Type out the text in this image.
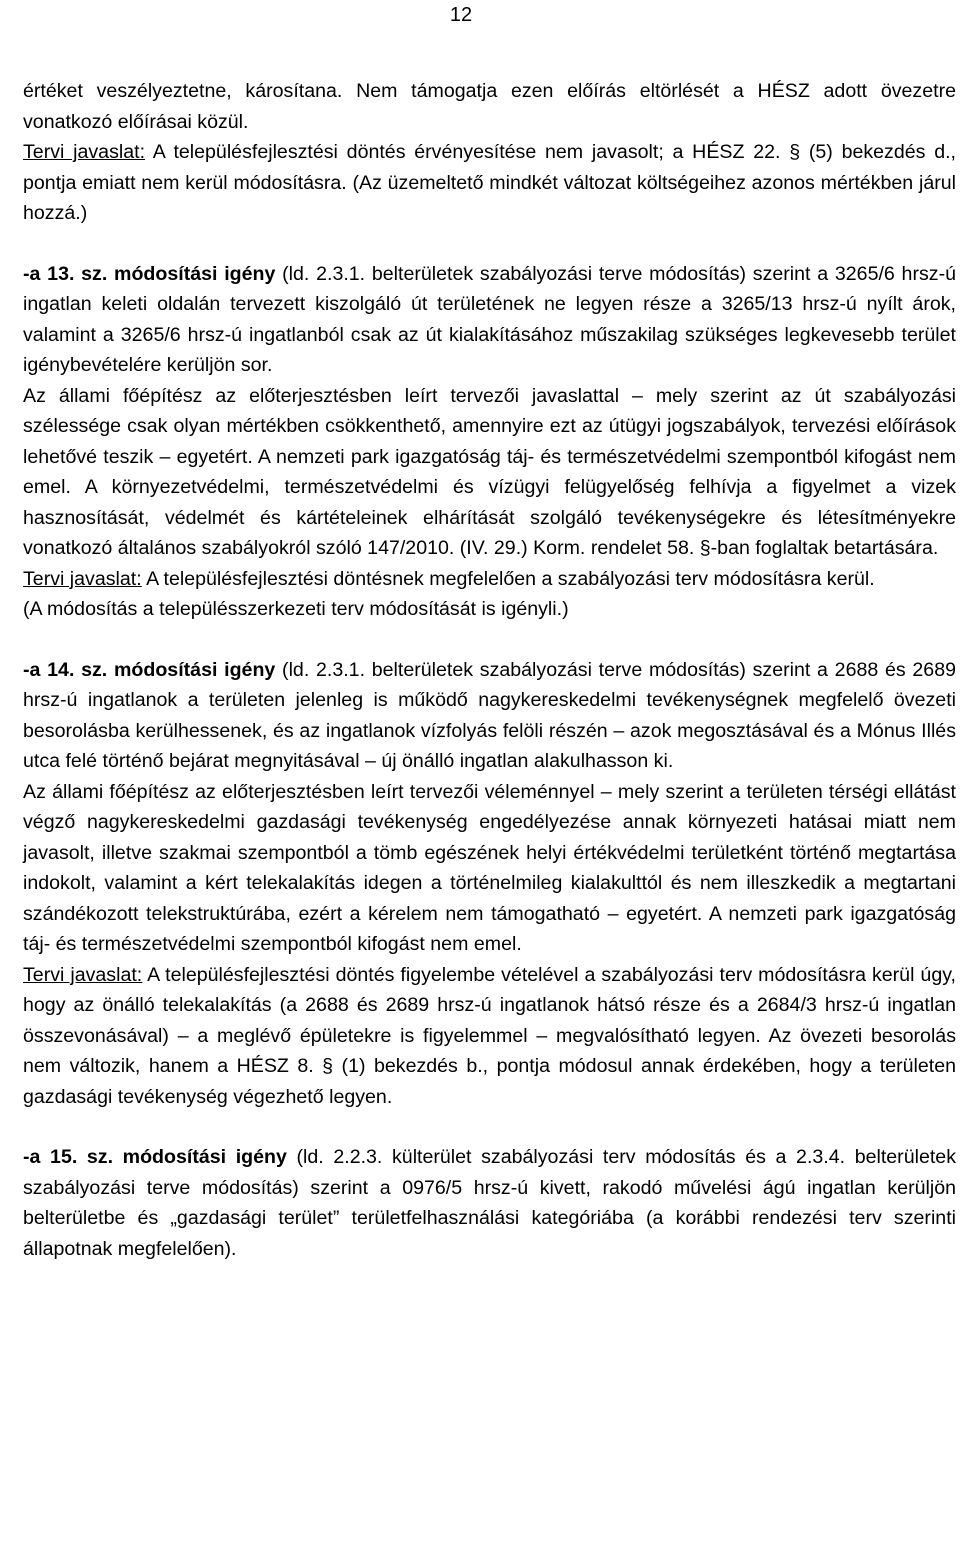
12

értéket veszélyeztetne, károsítana. Nem támogatja ezen előírás eltörlését a HÉSZ adott övezetre vonatkozó előírásai közül.

Tervi javaslat: A településfejlesztési döntés érvényesítése nem javasolt; a HÉSZ 22. § (5) bekezdés d., pontja emiatt nem kerül módosításra. (Az üzemeltető mindkét változat költségeihez azonos mértékben járul hozzá.)

-a 13. sz. módosítási igény (ld. 2.3.1. belterületek szabályozási terve módosítás) szerint a 3265/6 hrsz-ú ingatlan keleti oldalán tervezett kiszolgáló út területének ne legyen része a 3265/13 hrsz-ú nyílt árok, valamint a 3265/6 hrsz-ú ingatlanból csak az út kialakításához műszakilag szükséges legkevesebb terület igénybevételére kerüljön sor.

Az állami főépítész az előterjesztésben leírt tervezői javaslattal – mely szerint az út szabályozási szélessége csak olyan mértékben csökkenthető, amennyire ezt az útügyi jogszabályok, tervezési előírások lehetővé teszik – egyetért. A nemzeti park igazgatóság táj- és természetvédelmi szempontból kifogást nem emel. A környezetvédelmi, természetvédelmi és vízügyi felügyelőség felhívja a figyelmet a vizek hasznosítását, védelmét és kártételeinek elhárítását szolgáló tevékenységekre és létesítményekre vonatkozó általános szabályokról szóló 147/2010. (IV. 29.) Korm. rendelet 58. §-ban foglaltak betartására.

Tervi javaslat: A településfejlesztési döntésnek megfelelően a szabályozási terv módosításra kerül.

(A módosítás a településszerkezeti terv módosítását is igényli.)

-a 14. sz. módosítási igény (ld. 2.3.1. belterületek szabályozási terve módosítás) szerint a 2688 és 2689 hrsz-ú ingatlanok a területen jelenleg is működő nagykereskedelmi tevékenységnek megfelelő övezeti besorolásba kerülhessenek, és az ingatlanok vízfolyás felöli részén – azok megosztásával és a Mónus Illés utca felé történő bejárat megnyitásával – új önálló ingatlan alakulhasson ki.

Az állami főépítész az előterjesztésben leírt tervezői véleménnyel – mely szerint a területen térségi ellátást végző nagykereskedelmi gazdasági tevékenység engedélyezése annak környezeti hatásai miatt nem javasolt, illetve szakmai szempontból a tömb egészének helyi értékvédelmi területként történő megtartása indokolt, valamint a kért telekalakítás idegen a történelmileg kialakulttól és nem illeszkedik a megtartani szándékozott telekstruktúrába, ezért a kérelem nem támogatható – egyetért. A nemzeti park igazgatóság táj- és természetvédelmi szempontból kifogást nem emel.

Tervi javaslat: A településfejlesztési döntés figyelembe vételével a szabályozási terv módosításra kerül úgy, hogy az önálló telekalakítás (a 2688 és 2689 hrsz-ú ingatlanok hátsó része és a 2684/3 hrsz-ú ingatlan összevonásával) – a meglévő épületekre is figyelemmel – megvalósítható legyen. Az övezeti besorolás nem változik, hanem a HÉSZ 8. § (1) bekezdés b., pontja módosul annak érdekében, hogy a területen gazdasági tevékenység végezhető legyen.

-a 15. sz. módosítási igény (ld. 2.2.3. külterület szabályozási terv módosítás és a 2.3.4. belterületek szabályozási terve módosítás) szerint a 0976/5 hrsz-ú kivett, rakodó művelési ágú ingatlan kerüljön belterületbe és „gazdasági terület” területfelhasználási kategóriába (a korábbi rendezési terv szerinti állapotnak megfelelően).
